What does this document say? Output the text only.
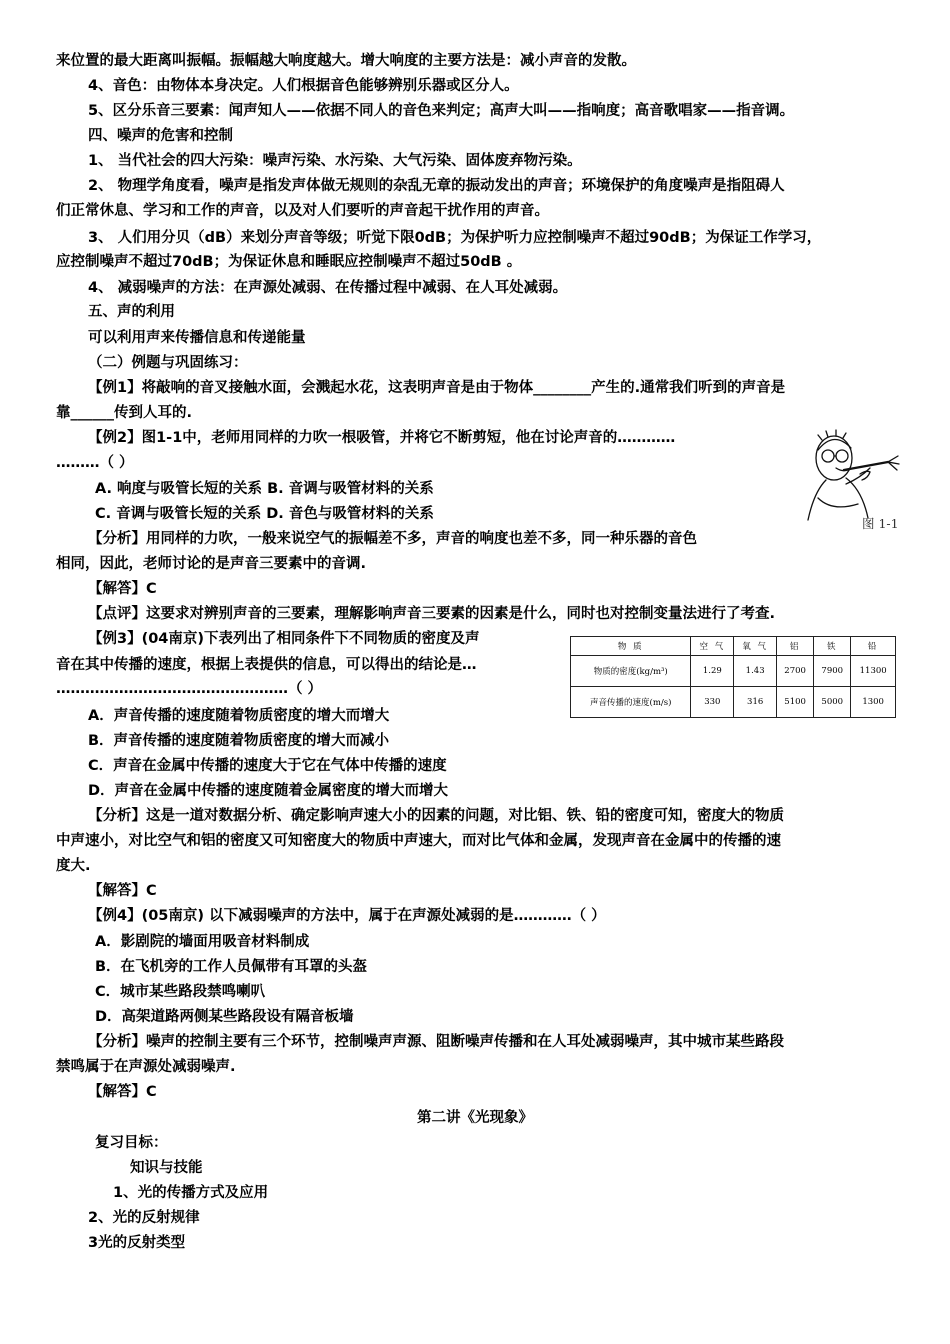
来位置的最大距离叫振幅。振幅越大响度越大。增大响度的主要方法是：减小声音的发散。
4、音色：由物体本身决定。人们根据音色能够辨别乐器或区分人。
5、区分乐音三要素：闻声知人——依据不同人的音色来判定；高声大叫——指响度；高音歌唱家——指音调。
四、噪声的危害和控制
1、 当代社会的四大污染：噪声污染、水污染、大气污染、固体废弃物污染。
2、 物理学角度看，噪声是指发声体做无规则的杂乱无章的振动发出的声音；环境保护的角度噪声是指阻碍人
们正常休息、学习和工作的声音，以及对人们要听的声音起干扰作用的声音。
3、 人们用分贝（dB）来划分声音等级；听觉下限0dB；为保护听力应控制噪声不超过90dB；为保证工作学习，
应控制噪声不超过70dB；为保证休息和睡眠应控制噪声不超过50dB 。
4、 减弱噪声的方法：在声源处减弱、在传播过程中减弱、在人耳处减弱。
五、声的利用
可以利用声来传播信息和传递能量
（二）例题与巩固练习：
【例1】将敲响的音叉接触水面，会溅起水花，这表明声音是由于物体________产生的.通常我们听到的声音是
靠______传到人耳的.
【例2】图1-1中，老师用同样的力吹一根吸管，并将它不断剪短，他在讨论声音的…………
………（ ）
A. 响度与吸管长短的关系 B. 音调与吸管材料的关系
C. 音调与吸管长短的关系 D. 音色与吸管材料的关系
【分析】用同样的力吹，一般来说空气的振幅差不多，声音的响度也差不多，同一种乐器的音色
相同，因此，老师讨论的是声音三要素中的音调.
【解答】C
【点评】这要求对辨别声音的三要素，理解影响声音三要素的因素是什么，同时也对控制变量法进行了考查.
【例3】(04南京)下表列出了相同条件下不同物质的密度及声
音在其中传播的速度，根据上表提供的信息，可以得出的结论是…
…………………………………………（ ）
A．声音传播的速度随着物质密度的增大而增大
B．声音传播的速度随着物质密度的增大而减小
C．声音在金属中传播的速度大于它在气体中传播的速度
D．声音在金属中传播的速度随着金属密度的增大而增大
【分析】这是一道对数据分析、确定影响声速大小的因素的问题，对比铝、铁、铅的密度可知，密度大的物质
中声速小，对比空气和铝的密度又可知密度大的物质中声速大，而对比气体和金属，发现声音在金属中的传播的速
度大.
【解答】C
【例4】(05南京) 以下减弱噪声的方法中，属于在声源处减弱的是…………（ ）
A．影剧院的墙面用吸音材料制成
B．在飞机旁的工作人员佩带有耳罩的头盔
C．城市某些路段禁鸣喇叭
D．高架道路两侧某些路段设有隔音板墙
【分析】噪声的控制主要有三个环节，控制噪声声源、阻断噪声传播和在人耳处减弱噪声，其中城市某些路段
禁鸣属于在声源处减弱噪声.
【解答】C
第二讲《光现象》
复习目标：
知识与技能
1、光的传播方式及应用
2、光的反射规律
3光的反射类型
图 1-1
物 质	空 气	氧 气	铝	铁	铅
物质的密度(kg/m³)	1.29	1.43	2700	7900	11300
声音传播的速度(m/s)	330	316	5100	5000	1300
